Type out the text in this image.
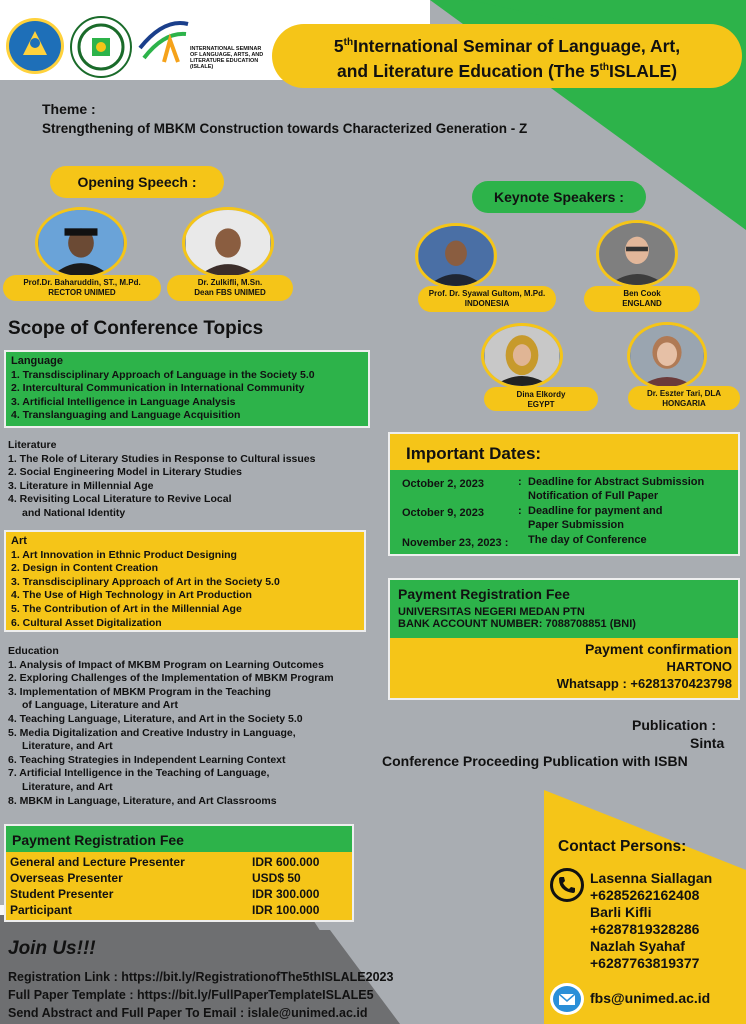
INTERNATIONAL SEMINAR
OF LANGUAGE, ARTS, AND
LITERATURE EDUCATION
(ISLALE)
5thInternational Seminar of Language, Art,
and Literature Education (The 5thISLALE)
Theme :
Strengthening of MBKM Construction towards Characterized Generation - Z
Opening Speech :
Prof.Dr. Baharuddin, ST., M.Pd.
RECTOR UNIMED
Dr. Zulkifli, M.Sn.
Dean FBS UNIMED
Keynote Speakers :
Prof. Dr. Syawal Gultom, M.Pd.
INDONESIA
Ben Cook
ENGLAND
Dina Elkordy
EGYPT
Dr. Eszter Tari, DLA
HONGARIA
Scope of Conference Topics
Language
1. Transdisciplinary Approach of Language in the Society 5.0
2. Intercultural Communication in International Community
3. Artificial Intelligence in Language Analysis
4. Translanguaging and Language Acquisition
Literature
1. The Role of Literary Studies in Response to Cultural issues
2. Social Engineering Model in Literary Studies
3. Literature in Millennial Age
4. Revisiting Local Literature to Revive Local
and National Identity
Art
1. Art Innovation in Ethnic Product Designing
2. Design in Content Creation
3. Transdisciplinary Approach of Art in the Society 5.0
4. The Use of High Technology in Art Production
5. The Contribution of Art in the Millennial Age
6. Cultural Asset Digitalization
Education
1. Analysis of Impact of MKBM Program on Learning Outcomes
2. Exploring Challenges of the Implementation of MBKM Program
3. Implementation of MBKM Program in the Teaching
of Language, Literature and Art
4. Teaching Language, Literature, and Art in the Society 5.0
5. Media Digitalization and Creative Industry in Language,
Literature, and Art
6. Teaching Strategies in Independent Learning Context
7. Artificial Intelligence in the Teaching of Language,
Literature, and Art
8. MBKM in Language, Literature, and Art Classrooms
Important Dates:
October 2, 2023	: Deadline for Abstract Submission
Notification of Full Paper
October 9, 2023	: Deadline for payment and
Paper Submission
November 23, 2023 : The day of Conference
Payment Registration Fee
UNIVERSITAS NEGERI MEDAN PTN
BANK ACCOUNT NUMBER: 7088708851 (BNI)
Payment confirmation
HARTONO
Whatsapp : +6281370423798
Publication :
Sinta
Conference Proceeding Publication with ISBN
Payment Registration Fee
General and Lecture Presenter	IDR 600.000
Overseas Presenter	USD$ 50
Student Presenter	IDR 300.000
Participant	IDR 100.000
Contact Persons:
Lasenna Siallagan
+6285262162408
Barli Kifli
+6287819328286
Nazlah Syahaf
+6287763819377
fbs@unimed.ac.id
Join Us!!!
Registration Link : https://bit.ly/RegistrationofThe5thISLALE2023
Full Paper Template : https://bit.ly/FullPaperTemplateISLALE5
Send Abstract and Full Paper To Email : islale@unimed.ac.id
